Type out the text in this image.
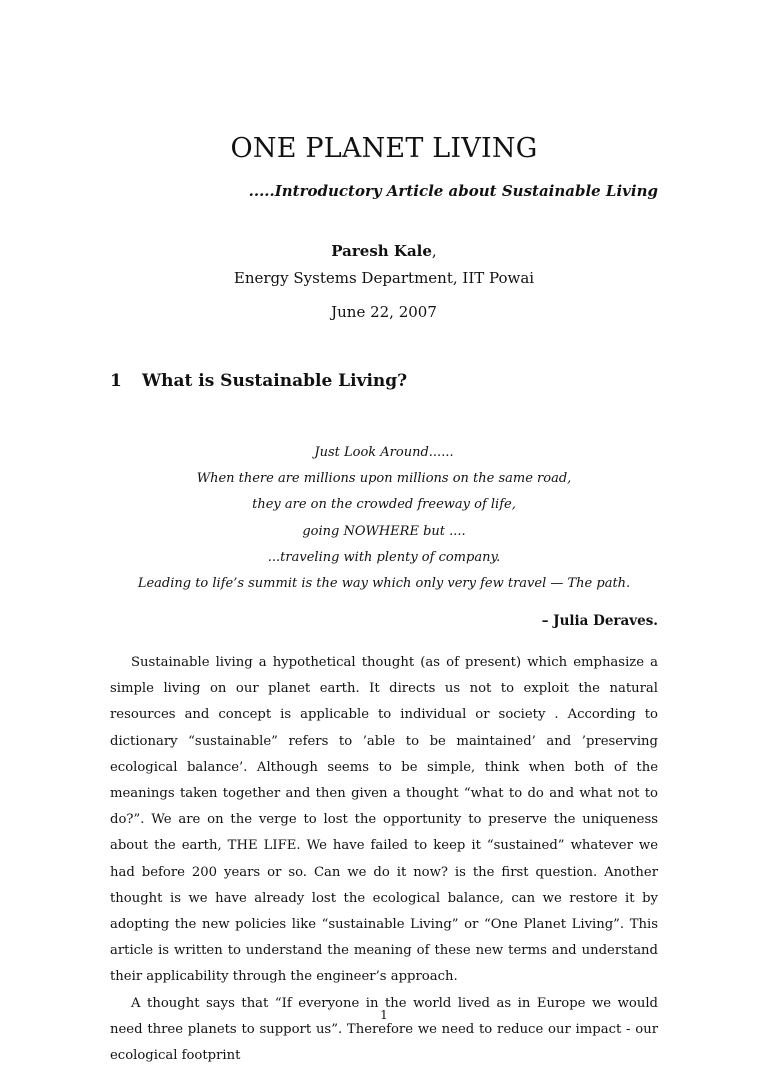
ONE PLANET LIVING
.....Introductory Article about Sustainable Living
Paresh Kale,
Energy Systems Department, IIT Powai
June 22, 2007
1 What is Sustainable Living?
Just Look Around......
When there are millions upon millions on the same road,
they are on the crowded freeway of life,
going NOWHERE but ....
...traveling with plenty of company.
Leading to life’s summit is the way which only very few travel — The path.
– Julia Deraves.

Sustainable living a hypothetical thought (as of present) which emphasize a simple living on our planet earth. It directs us not to exploit the natural resources and concept is applicable to individual or society . According to dictionary “sustainable” refers to ’able to be maintained’ and ’preserving ecological balance’. Although seems to be simple, think when both of the meanings taken together and then given a thought “what to do and what not to do?”. We are on the verge to lost the opportunity to preserve the uniqueness about the earth, THE LIFE. We have failed to keep it “sustained” whatever we had before 200 years or so. Can we do it now? is the first question. Another thought is we have already lost the ecological balance, can we restore it by adopting the new policies like “sustainable Living” or “One Planet Living”. This article is written to understand the meaning of these new terms and understand their applicability through the engineer’s approach.

A thought says that “If everyone in the world lived as in Europe we would need three planets to support us”. Therefore we need to reduce our impact - our ecological footprint

1
